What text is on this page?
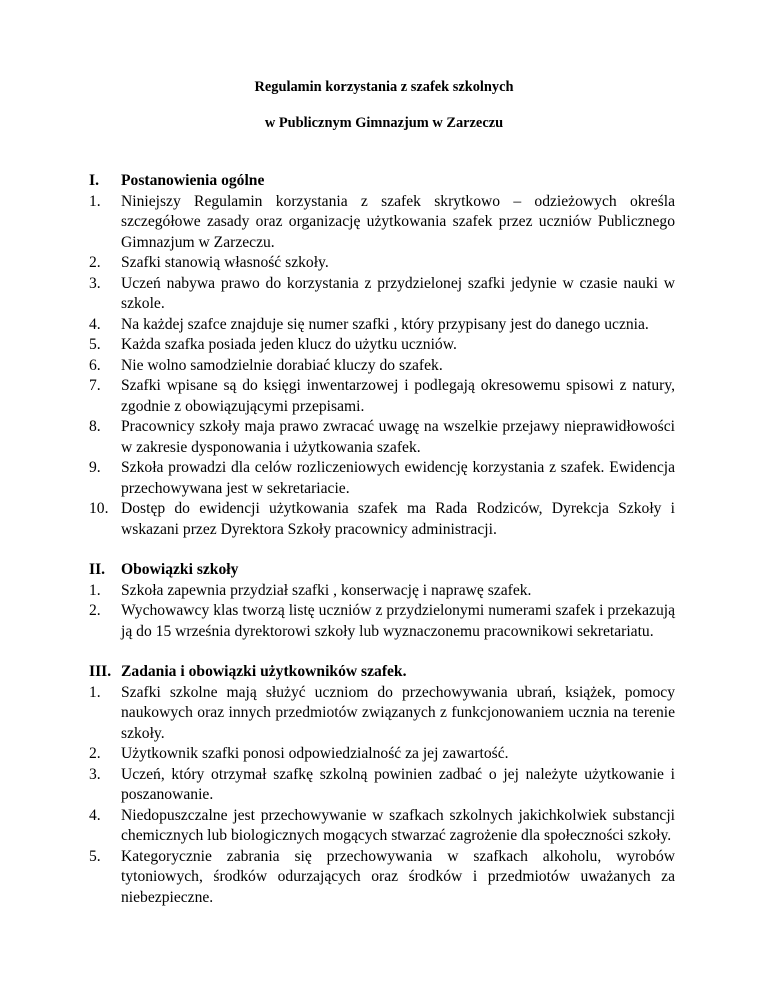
Regulamin korzystania z szafek szkolnych
w Publicznym Gimnazjum w Zarzeczu
I.	Postanowienia ogólne
1.	Niniejszy Regulamin korzystania z szafek skrytkowo – odzieżowych określa szczegółowe zasady oraz organizację użytkowania szafek przez uczniów Publicznego Gimnazjum w Zarzeczu.
2.	Szafki stanowią własność szkoły.
3.	Uczeń nabywa prawo do korzystania z przydzielonej szafki jedynie w czasie nauki w szkole.
4.	Na każdej szafce znajduje się numer szafki , który przypisany jest do danego ucznia.
5.	Każda szafka posiada jeden klucz do użytku uczniów.
6.	Nie wolno samodzielnie dorabiać kluczy do szafek.
7.	Szafki wpisane są do księgi inwentarzowej i podlegają okresowemu spisowi z natury, zgodnie z obowiązującymi przepisami.
8.	Pracownicy szkoły maja prawo zwracać uwagę na wszelkie przejawy nieprawidłowości            w zakresie dysponowania i użytkowania szafek.
9.	Szkoła prowadzi dla celów rozliczeniowych ewidencję korzystania z szafek. Ewidencja przechowywana jest w sekretariacie.
10. Dostęp do ewidencji użytkowania szafek ma Rada Rodziców, Dyrekcja Szkoły i wskazani przez Dyrektora Szkoły pracownicy administracji.
II.	Obowiązki szkoły
1.	Szkoła zapewnia przydział szafki , konserwację i naprawę szafek.
2.	Wychowawcy klas tworzą listę uczniów z przydzielonymi numerami szafek i przekazują ją do 15 września dyrektorowi szkoły lub wyznaczonemu pracownikowi sekretariatu.
III. Zadania i obowiązki użytkowników szafek.
1.	Szafki szkolne mają służyć uczniom do przechowywania ubrań, książek, pomocy naukowych oraz innych przedmiotów związanych z funkcjonowaniem ucznia na terenie szkoły.
2.	Użytkownik szafki ponosi odpowiedzialność za jej zawartość.
3.	Uczeń, który otrzymał szafkę szkolną powinien zadbać o jej należyte użytkowanie i poszanowanie.
4.	Niedopuszczalne jest przechowywanie w szafkach szkolnych jakichkolwiek substancji chemicznych lub biologicznych mogących stwarzać zagrożenie dla społeczności szkoły.
5.	Kategorycznie zabrania się przechowywania w szafkach alkoholu, wyrobów tytoniowych, środków odurzających oraz środków i przedmiotów uważanych za niebezpieczne.
